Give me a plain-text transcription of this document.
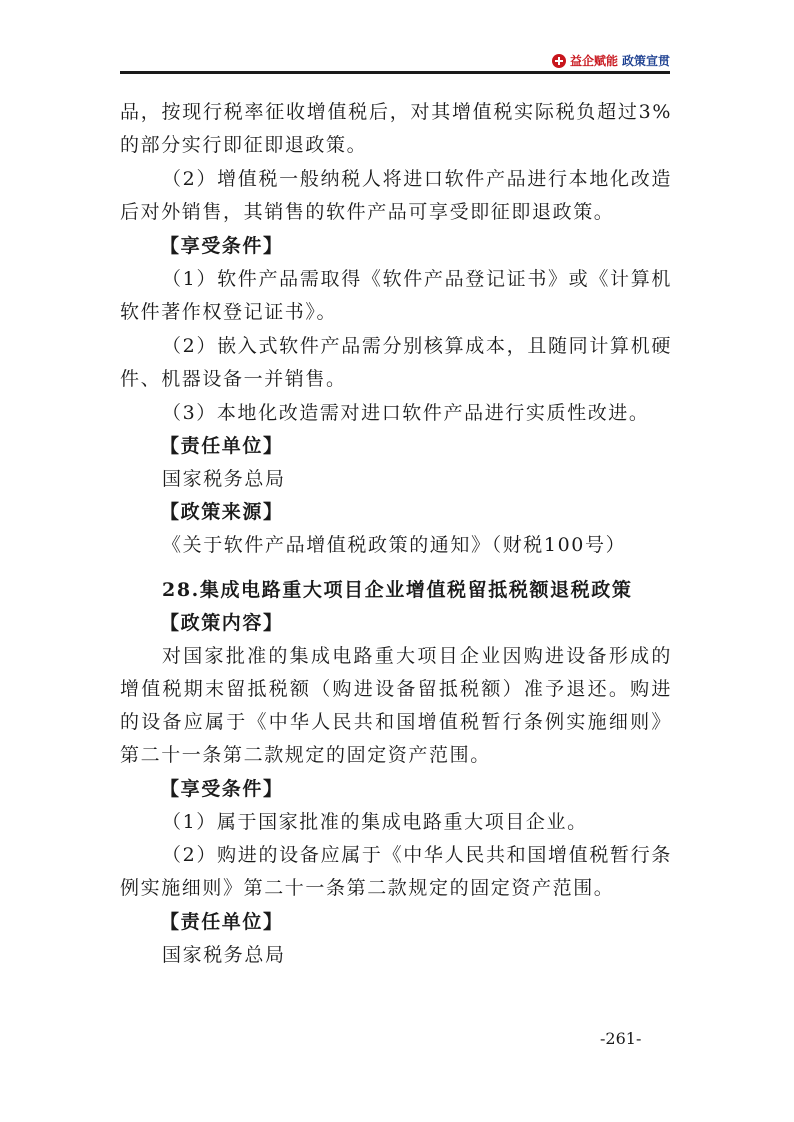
益企赋能 政策宣贯

品，按现行税率征收增值税后，对其增值税实际税负超过3%的部分实行即征即退政策。

（2）增值税一般纳税人将进口软件产品进行本地化改造后对外销售，其销售的软件产品可享受即征即退政策。

【享受条件】

（1）软件产品需取得《软件产品登记证书》或《计算机软件著作权登记证书》。

（2）嵌入式软件产品需分别核算成本，且随同计算机硬件、机器设备一并销售。

（3）本地化改造需对进口软件产品进行实质性改进。

【责任单位】

国家税务总局

【政策来源】

《关于软件产品增值税政策的通知》（财税100号）

28.集成电路重大项目企业增值税留抵税额退税政策

【政策内容】

对国家批准的集成电路重大项目企业因购进设备形成的增值税期末留抵税额（购进设备留抵税额）准予退还。购进的设备应属于《中华人民共和国增值税暂行条例实施细则》第二十一条第二款规定的固定资产范围。

【享受条件】

（1）属于国家批准的集成电路重大项目企业。

（2）购进的设备应属于《中华人民共和国增值税暂行条例实施细则》第二十一条第二款规定的固定资产范围。

【责任单位】

国家税务总局

-261-
